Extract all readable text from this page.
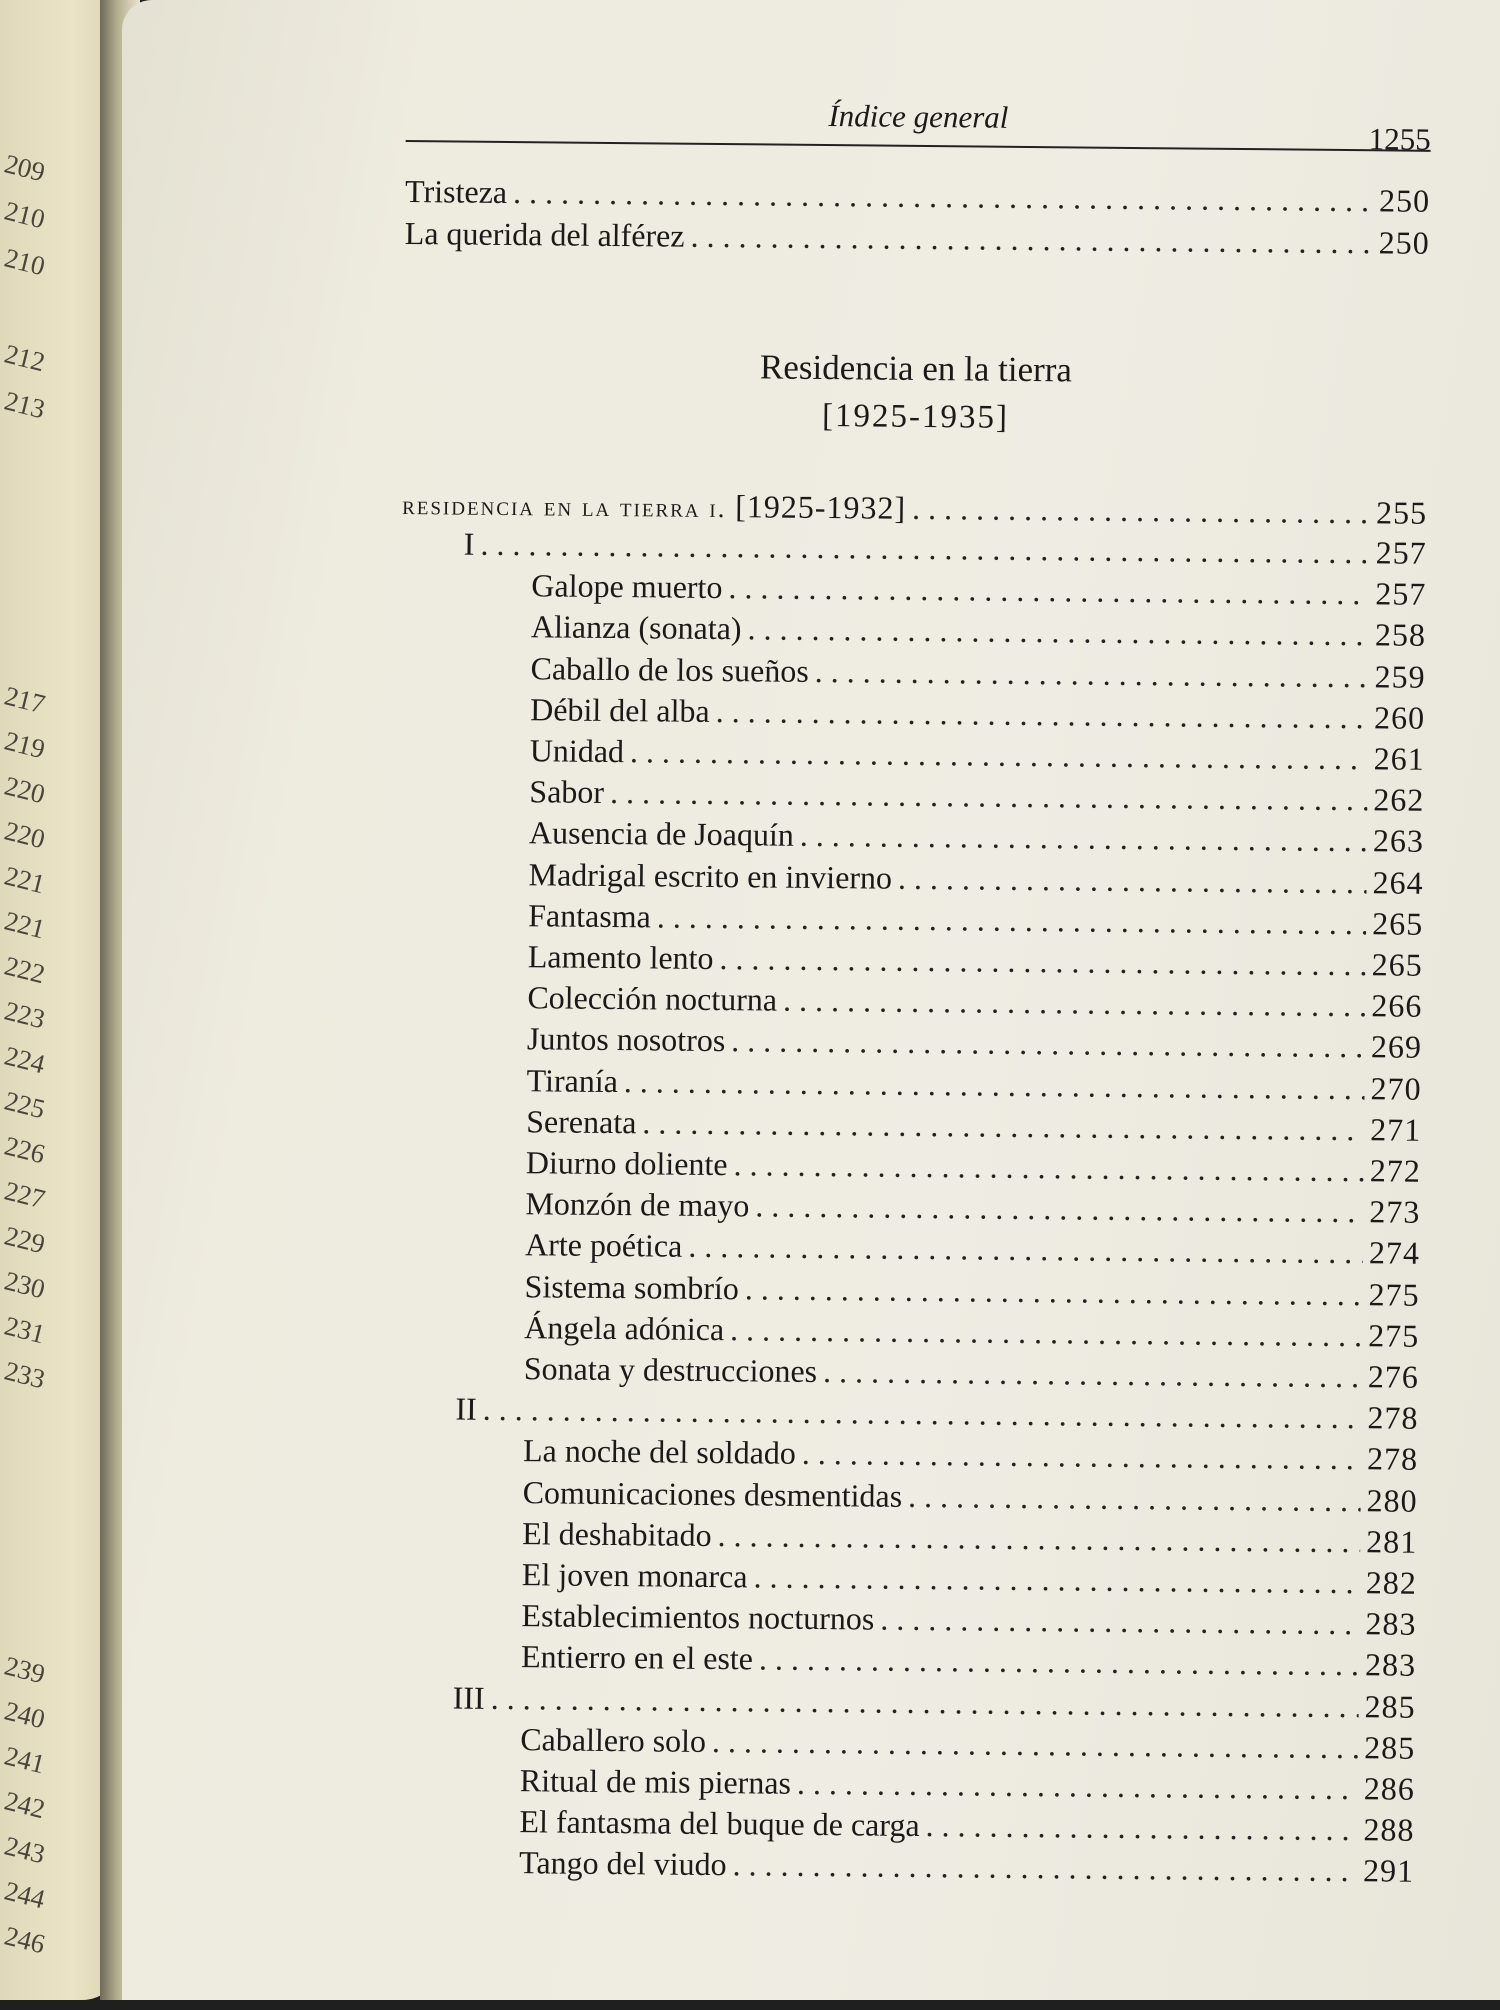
209
210
210
212
213
217
219
220
220
221
221
222
223
224
225
226
227
229
230
231
233
239
240
241
242
243
244
246
Índice general
1255
Tristeza . . .	250
La querida del alférez . . .	250
Residencia en la tierra
[1925-1935]
residencia en la tierra i. [1925-1932] . . .	255
I . . .	257
Galope muerto . . .	257
Alianza (sonata) . . .	258
Caballo de los sueños . . .	259
Débil del alba . . .	260
Unidad . . .	261
Sabor . . .	262
Ausencia de Joaquín . . .	263
Madrigal escrito en invierno . . .	264
Fantasma . . .	265
Lamento lento . . .	265
Colección nocturna . . .	266
Juntos nosotros . . .	269
Tiranía . . .	270
Serenata . . .	271
Diurno doliente . . .	272
Monzón de mayo . . .	273
Arte poética . . .	274
Sistema sombrío . . .	275
Ángela adónica . . .	275
Sonata y destrucciones . . .	276
II . . .	278
La noche del soldado . . .	278
Comunicaciones desmentidas . . .	280
El deshabitado . . .	281
El joven monarca . . .	282
Establecimientos nocturnos . . .	283
Entierro en el este . . .	283
III . . .	285
Caballero solo . . .	285
Ritual de mis piernas . . .	286
El fantasma del buque de carga . . .	288
Tango del viudo . . .	291
